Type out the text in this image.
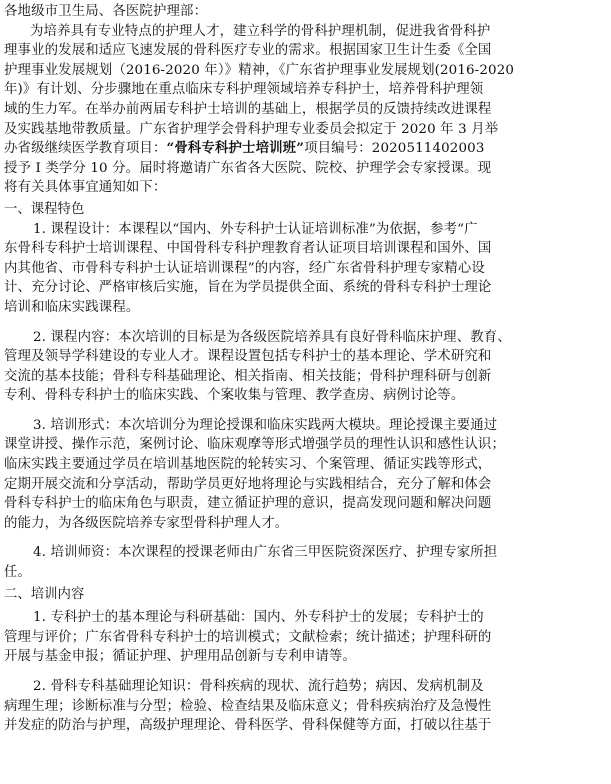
各地级市卫生局、各医院护理部：
为培养具有专业特点的护理人才，建立科学的骨科护理机制，促进我省骨科护
理事业的发展和适应飞速发展的骨科医疗专业的需求。根据国家卫生计生委《全国
护理事业发展规划（2016-2020 年）》精神，《广东省护理事业发展规划(2016-2020
年)》有计划、分步骤地在重点临床专科护理领域培养专科护士，培养骨科护理领
域的生力军。在举办前两届专科护士培训的基础上，根据学员的反馈持续改进课程
及实践基地带教质量。广东省护理学会骨科护理专业委员会拟定于 2020 年 3 月举
办省级继续医学教育项目：“骨科专科护士培训班”项目编号：2020511402003
授予 I 类学分 10 分。届时将邀请广东省各大医院、院校、护理学会专家授课。现
将有关具体事宜通知如下：
一、课程特色
1. 课程设计：本课程以“国内、外专科护士认证培训标准”为依据，参考“广
东骨科专科护士培训课程、中国骨科专科护理教育者认证项目培训课程和国外、国
内其他省、市骨科专科护士认证培训课程”的内容，经广东省骨科护理专家精心设
计、充分讨论、严格审核后实施，旨在为学员提供全面、系统的骨科专科护士理论
培训和临床实践课程。
2. 课程内容：本次培训的目标是为各级医院培养具有良好骨科临床护理、教育、
管理及领导学科建设的专业人才。课程设置包括专科护士的基本理论、学术研究和
交流的基本技能；骨科专科基础理论、相关指南、相关技能；骨科护理科研与创新
专利、骨科专科护士的临床实践、个案收集与管理、教学查房、病例讨论等。
3. 培训形式：本次培训分为理论授课和临床实践两大模块。理论授课主要通过
课堂讲授、操作示范，案例讨论、临床观摩等形式增强学员的理性认识和感性认识；
临床实践主要通过学员在培训基地医院的轮转实习、个案管理、循证实践等形式，
定期开展交流和分享活动，帮助学员更好地将理论与实践相结合，充分了解和体会
骨科专科护士的临床角色与职责，建立循证护理的意识，提高发现问题和解决问题
的能力，为各级医院培养专家型骨科护理人才。
4. 培训师资：本次课程的授课老师由广东省三甲医院资深医疗、护理专家所担
任。
二、培训内容
1. 专科护士的基本理论与科研基础：国内、外专科护士的发展；专科护士的
管理与评价；广东省骨科专科护士的培训模式；文献检索；统计描述；护理科研的
开展与基金申报；循证护理、护理用品创新与专利申请等。
2. 骨科专科基础理论知识：骨科疾病的现状、流行趋势；病因、发病机制及
病理生理；诊断标准与分型；检验、检查结果及临床意义；骨科疾病治疗及急慢性
并发症的防治与护理，高级护理理论、骨科医学、骨科保健等方面，打破以往基于
